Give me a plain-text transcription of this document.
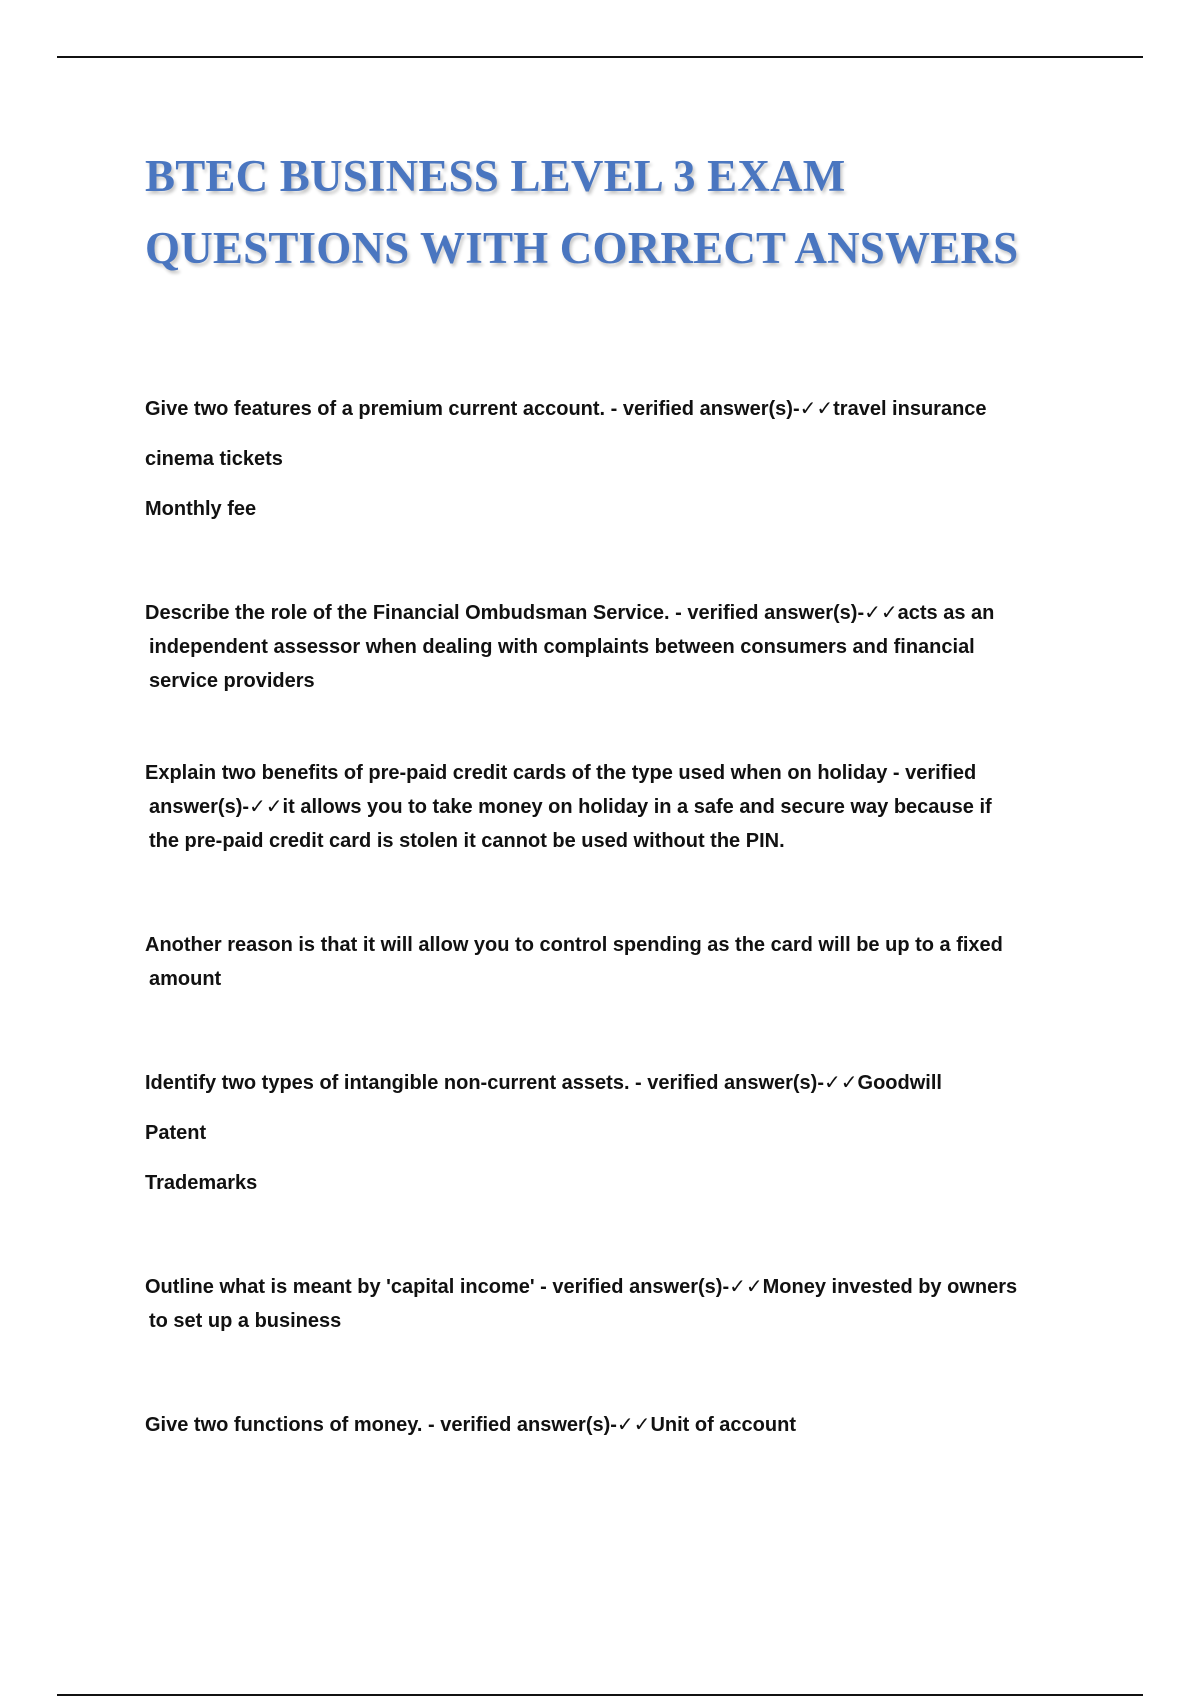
BTEC BUSINESS LEVEL 3 EXAM
QUESTIONS WITH CORRECT ANSWERS
Give two features of a premium current account. - verified answer(s)-✓✓travel insurance
cinema tickets
Monthly fee
Describe the role of the Financial Ombudsman Service. - verified answer(s)-✓✓acts as an
independent assessor when dealing with complaints between consumers and financial
service providers
Explain two benefits of pre-paid credit cards of the type used when on holiday - verified
answer(s)-✓✓it allows you to take money on holiday in a safe and secure way because if
the pre-paid credit card is stolen it cannot be used without the PIN.
Another reason is that it will allow you to control spending as the card will be up to a fixed
amount
Identify two types of intangible non-current assets. - verified answer(s)-✓✓Goodwill
Patent
Trademarks
Outline what is meant by 'capital income' - verified answer(s)-✓✓Money invested by owners
to set up a business
Give two functions of money. - verified answer(s)-✓✓Unit of account
